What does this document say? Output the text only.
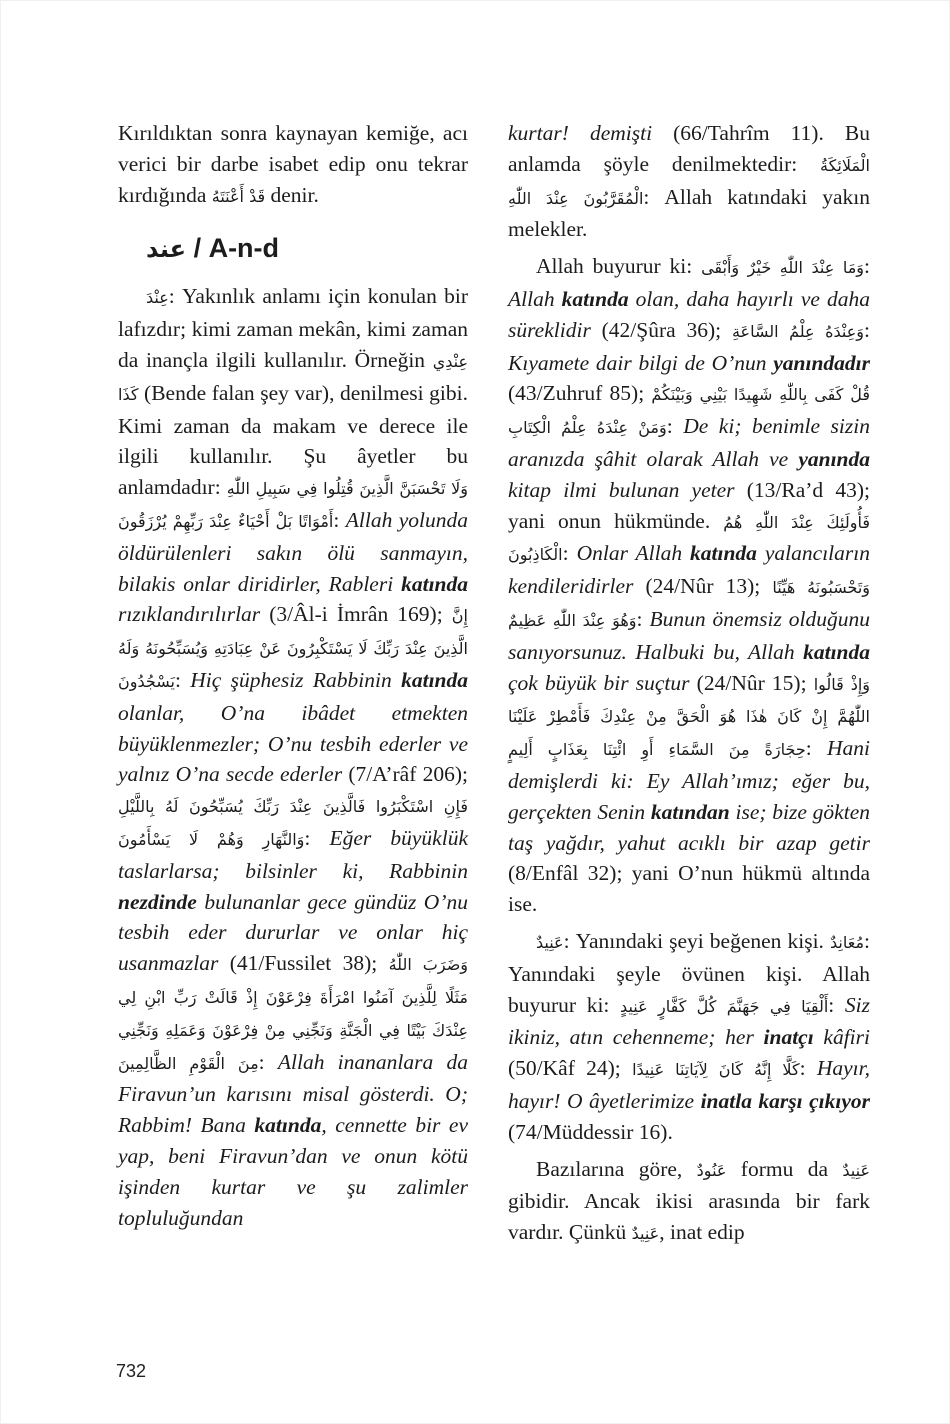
Kırıldıktan sonra kaynayan kemiğe, acı verici bir darbe isabet edip onu tekrar kırdığında قَدْ أَعْنَتَهُ denir.

عند / A-n-d

عِنْدَ: Yakınlık anlamı için konulan bir lafızdır; kimi zaman mekân, kimi zaman da inançla ilgili kullanılır. Örneğin عِنْدِي كَذَا (Bende falan şey var), denilmesi gibi. Kimi zaman da makam ve derece ile ilgili kullanılır. Şu âyetler bu anlamdadır: وَلَا تَحْسَبَنَّ الَّذِينَ قُتِلُوا فِي سَبِيلِ اللّٰهِ أَمْوَاتًا بَلْ أَحْيَاءٌ عِنْدَ رَبِّهِمْ يُرْزَقُونَ: Allah yolunda öldürülenleri sakın ölü sanmayın, bilakis onlar diridirler, Rableri katında rızıklandırılırlar (3/Âl-i İmrân 169); إِنَّ الَّذِينَ عِنْدَ رَبِّكَ لَا يَسْتَكْبِرُونَ عَنْ عِبَادَتِهِ وَيُسَبِّحُونَهُ وَلَهُ يَسْجُدُونَ: Hiç şüphesiz Rabbinin katında olanlar, O’na ibâdet etmekten büyüklenmezler; O’nu tesbih ederler ve yalnız O’na secde ederler (7/A’râf 206); فَإِنِ اسْتَكْبَرُوا فَالَّذِينَ عِنْدَ رَبِّكَ يُسَبِّحُونَ لَهُ بِاللَّيْلِ وَالنَّهَارِ وَهُمْ لَا يَسْأَمُونَ: Eğer büyüklük taslarlarsa; bilsinler ki, Rabbinin nezdinde bulunanlar gece gündüz O’nu tesbih eder dururlar ve onlar hiç usanmazlar (41/Fussilet 38); وَضَرَبَ اللّٰهُ مَثَلًا لِلَّذِينَ آمَنُوا امْرَأَةَ فِرْعَوْنَ إِذْ قَالَتْ رَبِّ ابْنِ لِي عِنْدَكَ بَيْتًا فِي الْجَنَّةِ وَنَجِّنِي مِنْ فِرْعَوْنَ وَعَمَلِهِ وَنَجِّنِي مِنَ الْقَوْمِ الظَّالِمِينَ: Allah inananlara da Firavun’un karısını misal gösterdi. O; Rabbim! Bana katında, cennette bir ev yap, beni Firavun’dan ve onun kötü işinden kurtar ve şu zalimler topluluğundan

kurtar! demişti (66/Tahrîm 11). Bu anlamda şöyle denilmektedir: الْمَلَائِكَةُ الْمُقَرَّبُونَ عِنْدَ اللّٰهِ: Allah katındaki yakın melekler.

Allah buyurur ki: وَمَا عِنْدَ اللّٰهِ خَيْرٌ وَأَبْقَى: Allah katında olan, daha hayırlı ve daha süreklidir (42/Şûra 36); وَعِنْدَهُ عِلْمُ السَّاعَةِ: Kıyamete dair bilgi de O’nun yanındadır (43/Zuhruf 85); قُلْ كَفَى بِاللّٰهِ شَهِيدًا بَيْنِي وَبَيْنَكُمْ وَمَنْ عِنْدَهُ عِلْمُ الْكِتَابِ: De ki; benimle sizin aranızda şâhit olarak Allah ve yanında kitap ilmi bulunan yeter (13/Ra’d 43); yani onun hükmünde. فَأُولَئِكَ عِنْدَ اللّٰهِ هُمُ الْكَاذِبُونَ: Onlar Allah katında yalancıların kendileridirler (24/Nûr 13); وَتَحْسَبُونَهُ هَيِّنًا وَهُوَ عِنْدَ اللّٰهِ عَظِيمٌ: Bunun önemsiz olduğunu sanıyorsunuz. Halbuki bu, Allah katında çok büyük bir suçtur (24/Nûr 15); وَإِذْ قَالُوا اللّٰهُمَّ إِنْ كَانَ هٰذَا هُوَ الْحَقَّ مِنْ عِنْدِكَ فَأَمْطِرْ عَلَيْنَا حِجَارَةً مِنَ السَّمَاءِ أَوِ ائْتِنَا بِعَذَابٍ أَلِيمٍ: Hani demişlerdi ki: Ey Allah’ımız; eğer bu, gerçekten Senin katından ise; bize gökten taş yağdır, yahut acıklı bir azap getir (8/Enfâl 32); yani O’nun hükmü altında ise.

عَنِيدٌ: Yanındaki şeyi beğenen kişi. مُعَانِدٌ: Yanındaki şeyle övünen kişi. Allah buyurur ki: أَلْقِيَا فِي جَهَنَّمَ كُلَّ كَفَّارٍ عَنِيدٍ: Siz ikiniz, atın cehenneme; her inatçı kâfiri (50/Kâf 24); كَلَّا إِنَّهُ كَانَ لِآيَاتِنَا عَنِيدًا: Hayır, hayır! O âyetlerimize inatla karşı çıkıyor (74/Müddessir 16).

Bazılarına göre, عَنُودٌ formu da عَنِيدٌ gibidir. Ancak ikisi arasında bir fark vardır. Çünkü عَنِيدٌ, inat edip

732
